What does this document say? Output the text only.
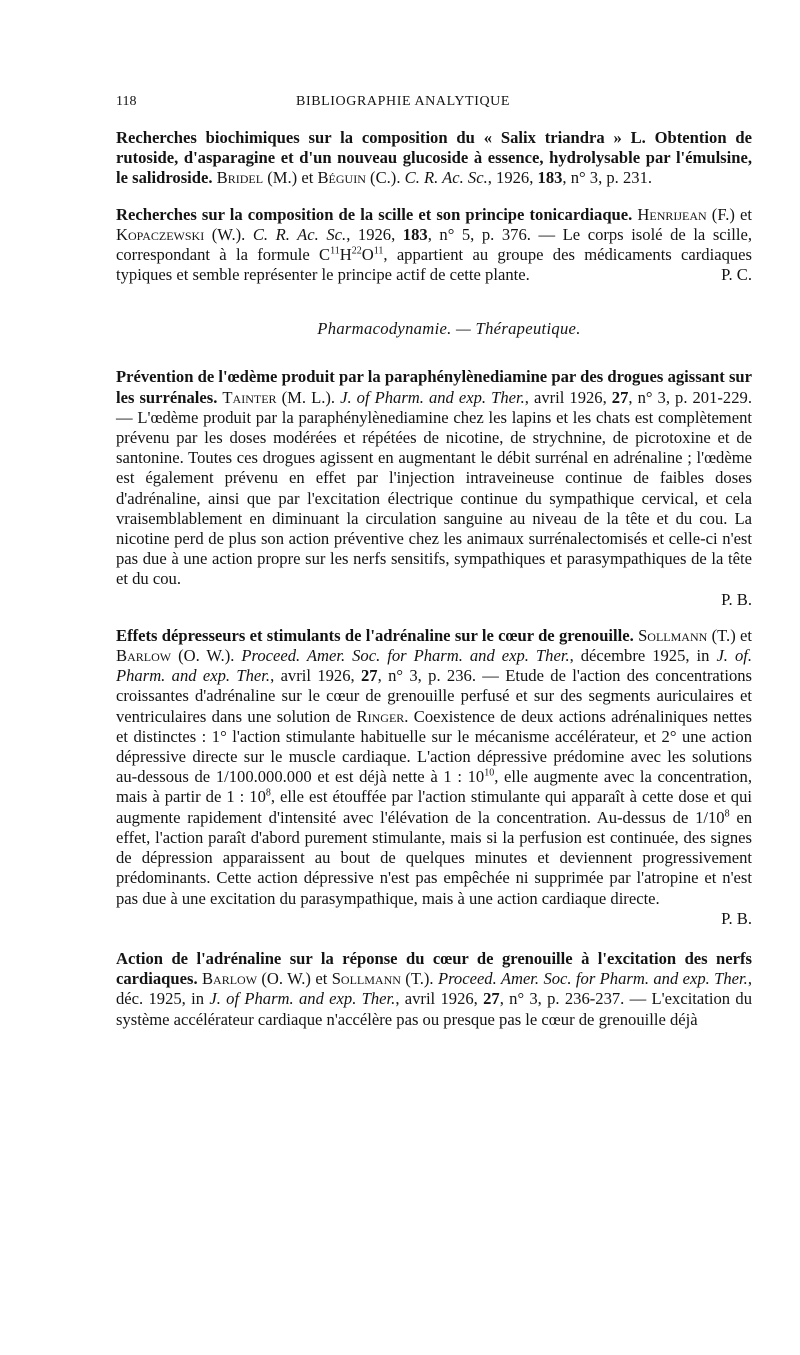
118	BIBLIOGRAPHIE ANALYTIQUE

Recherches biochimiques sur la composition du « Salix triandra » L. Obtention de rutoside, d'asparagine et d'un nouveau glucoside à essence, hydrolysable par l'émulsine, le salidroside. Bridel (M.) et Béguin (C.). C. R. Ac. Sc., 1926, 183, n° 3, p. 231.

Recherches sur la composition de la scille et son principe tonicardiaque. Henrijean (F.) et Kopaczewski (W.). C. R. Ac. Sc., 1926, 183, n° 5, p. 376. — Le corps isolé de la scille, correspondant à la formule $C^{11}H^{22}O^{11}$, appartient au groupe des médicaments cardiaques typiques et semble représenter le principe actif de cette plante.	P. C.

Pharmacodynamie. — Thérapeutique.

Prévention de l'œdème produit par la paraphénylènediamine par des drogues agissant sur les surrénales. Tainter (M. L.). J. of Pharm. and exp. Ther., avril 1926, 27, n° 3, p. 201-229. — L'œdème produit par la paraphénylènediamine chez les lapins et les chats est complètement prévenu par les doses modérées et répétées de nicotine, de strychnine, de picrotoxine et de santonine. Toutes ces drogues agissent en augmentant le débit surrénal en adrénaline ; l'œdème est également prévenu en effet par l'injection intraveineuse continue de faibles doses d'adrénaline, ainsi que par l'excitation électrique continue du sympathique cervical, et cela vraisemblablement en diminuant la circulation sanguine au niveau de la tête et du cou. La nicotine perd de plus son action préventive chez les animaux surrénalectomisés et celle-ci n'est pas due à une action propre sur les nerfs sensitifs, sympathiques et parasympathiques de la tête et du cou.

P. B.

Effets dépresseurs et stimulants de l'adrénaline sur le cœur de grenouille. Sollmann (T.) et Barlow (O. W.). Proceed. Amer. Soc. for Pharm. and exp. Ther., décembre 1925, in J. of. Pharm. and exp. Ther., avril 1926, 27, n° 3, p. 236. — Etude de l'action des concentrations croissantes d'adrénaline sur le cœur de grenouille perfusé et sur des segments auriculaires et ventriculaires dans une solution de Ringer. Coexistence de deux actions adrénaliniques nettes et distinctes : 1° l'action stimulante habituelle sur le mécanisme accélérateur, et 2° une action dépressive directe sur le muscle cardiaque. L'action dépressive prédomine avec les solutions au-dessous de 1/100.000.000 et est déjà nette à 1 : $10^{10}$, elle augmente avec la concentration, mais à partir de 1 : $10^8$, elle est étouffée par l'action stimulante qui apparaît à cette dose et qui augmente rapidement d'intensité avec l'élévation de la concentration. Au-dessus de $1/10^8$ en effet, l'action paraît d'abord purement stimulante, mais si la perfusion est continuée, des signes de dépression apparaissent au bout de quelques minutes et deviennent progressivement prédominants. Cette action dépressive n'est pas empêchée ni supprimée par l'atropine et n'est pas due à une excitation du parasympathique, mais à une action cardiaque directe.

P. B.

Action de l'adrénaline sur la réponse du cœur de grenouille à l'excitation des nerfs cardiaques. Barlow (O. W.) et Sollmann (T.). Proceed. Amer. Soc. for Pharm. and exp. Ther., déc. 1925, in J. of Pharm. and exp. Ther., avril 1926, 27, n° 3, p. 236-237. — L'excitation du système accélérateur cardiaque n'accélère pas ou presque pas le cœur de grenouille déjà
